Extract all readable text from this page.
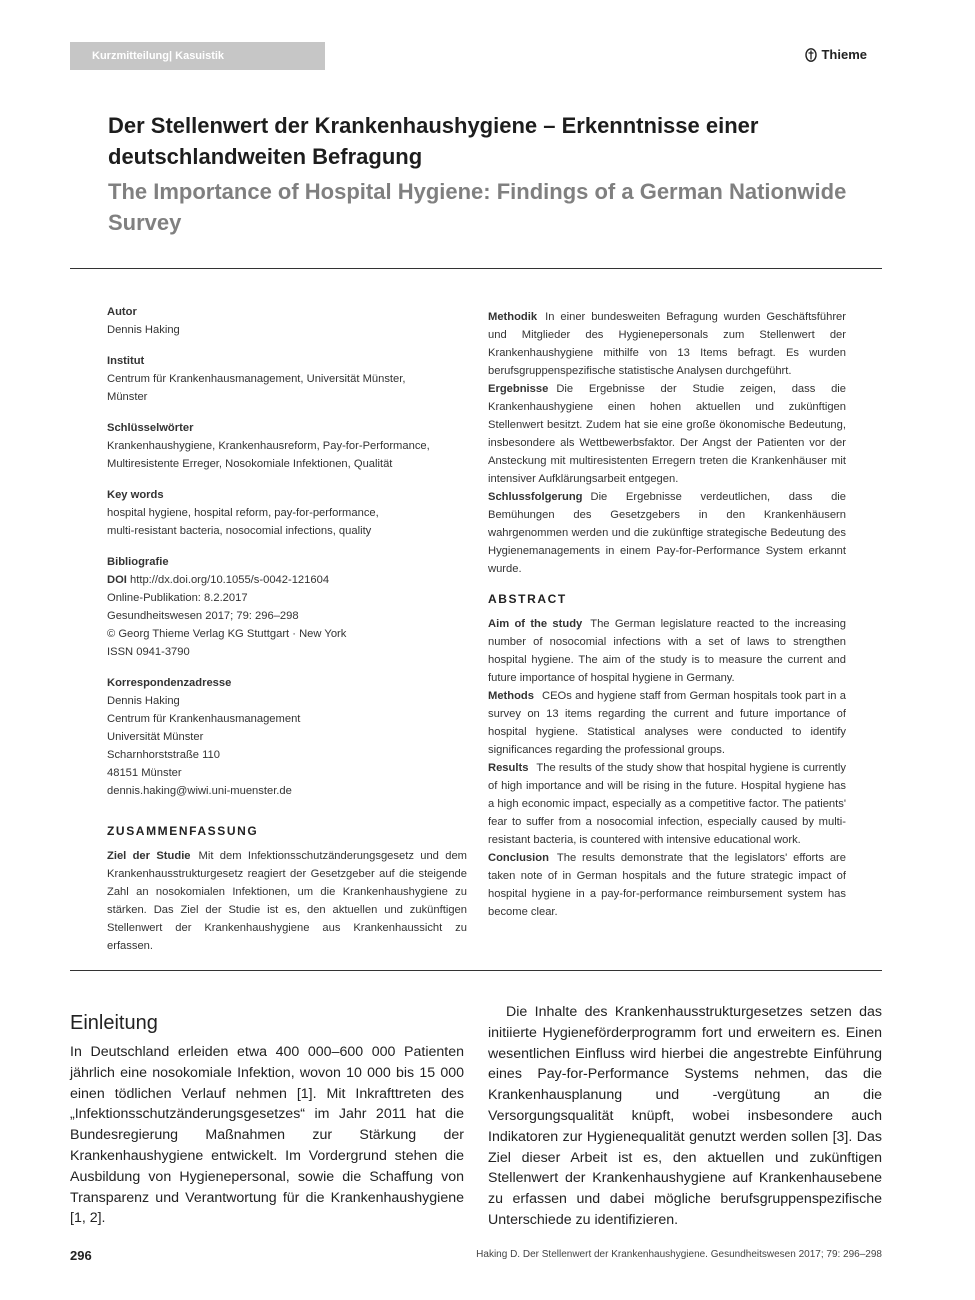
Kurzmitteilung| Kasuistik	Thieme
Der Stellenwert der Krankenhaushygiene – Erkenntnisse einer deutschlandweiten Befragung
The Importance of Hospital Hygiene: Findings of a German Nationwide Survey
Autor
Dennis Haking
Institut
Centrum für Krankenhausmanagement, Universität Münster, Münster
Schlüsselwörter
Krankenhaushygiene, Krankenhausreform, Pay-for-Performance, Multiresistente Erreger, Nosokomiale Infektionen, Qualität
Key words
hospital hygiene, hospital reform, pay-for-performance, multi-resistant bacteria, nosocomial infections, quality
Bibliografie
DOI http://dx.doi.org/10.1055/s-0042-121604
Online-Publikation: 8.2.2017
Gesundheitswesen 2017; 79: 296–298
© Georg Thieme Verlag KG Stuttgart · New York
ISSN 0941-3790
Korrespondenzadresse
Dennis Haking
Centrum für Krankenhausmanagement
Universität Münster
Scharnhorststraße 110
48151 Münster
dennis.haking@wiwi.uni-muenster.de
ZUSAMMENFASSUNG
Ziel der Studie Mit dem Infektionsschutzänderungsgesetz und dem Krankenhausstrukturgesetz reagiert der Gesetzgeber auf die steigende Zahl an nosokomialen Infektionen, um die Krankenhaushygiene zu stärken. Das Ziel der Studie ist es, den aktuellen und zukünftigen Stellenwert der Krankenhaushygiene aus Krankenhaussicht zu erfassen.
Methodik In einer bundesweiten Befragung wurden Geschäftsführer und Mitglieder des Hygienepersonals zum Stellenwert der Krankenhaushygiene mithilfe von 13 Items befragt. Es wurden berufsgruppenspezifische statistische Analysen durchgeführt.
Ergebnisse Die Ergebnisse der Studie zeigen, dass die Krankenhaushygiene einen hohen aktuellen und zukünftigen Stellenwert besitzt. Zudem hat sie eine große ökonomische Bedeutung, insbesondere als Wettbewerbsfaktor. Der Angst der Patienten vor der Ansteckung mit multiresistenten Erregern treten die Krankenhäuser mit intensiver Aufklärungsarbeit entgegen.
Schlussfolgerung Die Ergebnisse verdeutlichen, dass die Bemühungen des Gesetzgebers in den Krankenhäusern wahrgenommen werden und die zukünftige strategische Bedeutung des Hygienemanagements in einem Pay-for-Performance System erkannt wurde.
ABSTRACT
Aim of the study The German legislature reacted to the increasing number of nosocomial infections with a set of laws to strengthen hospital hygiene. The aim of the study is to measure the current and future importance of hospital hygiene in Germany.
Methods CEOs and hygiene staff from German hospitals took part in a survey on 13 items regarding the current and future importance of hospital hygiene. Statistical analyses were conducted to identify significances regarding the professional groups.
Results The results of the study show that hospital hygiene is currently of high importance and will be rising in the future. Hospital hygiene has a high economic impact, especially as a competitive factor. The patients' fear to suffer from a nosocomial infection, especially caused by multi-resistant bacteria, is countered with intensive educational work.
Conclusion The results demonstrate that the legislators' efforts are taken note of in German hospitals and the future strategic impact of hospital hygiene in a pay-for-performance reimbursement system has become clear.
Einleitung
In Deutschland erleiden etwa 400 000–600 000 Patienten jährlich eine nosokomiale Infektion, wovon 10 000 bis 15 000 einen tödlichen Verlauf nehmen [1]. Mit Inkrafttreten des „Infektionsschutzänderungsgesetzes“ im Jahr 2011 hat die Bundesregierung Maßnahmen zur Stärkung der Krankenhaushygiene entwickelt. Im Vordergrund stehen die Ausbildung von Hygienepersonal, sowie die Schaffung von Transparenz und Verantwortung für die Krankenhaushygiene [1, 2].
Die Inhalte des Krankenhausstrukturgesetzes setzen das initiierte Hygieneförderprogramm fort und erweitern es. Einen wesentlichen Einfluss wird hierbei die angestrebte Einführung eines Pay-for-Performance Systems nehmen, das die Krankenhausplanung und -vergütung an die Versorgungsqualität knüpft, wobei insbesondere auch Indikatoren zur Hygienequalität genutzt werden sollen [3]. Das Ziel dieser Arbeit ist es, den aktuellen und zukünftigen Stellenwert der Krankenhaushygiene auf Krankenhausebene zu erfassen und dabei mögliche berufsgruppenspezifische Unterschiede zu identifizieren.
296	Haking D. Der Stellenwert der Krankenhaushygiene. Gesundheitswesen 2017; 79: 296–298
